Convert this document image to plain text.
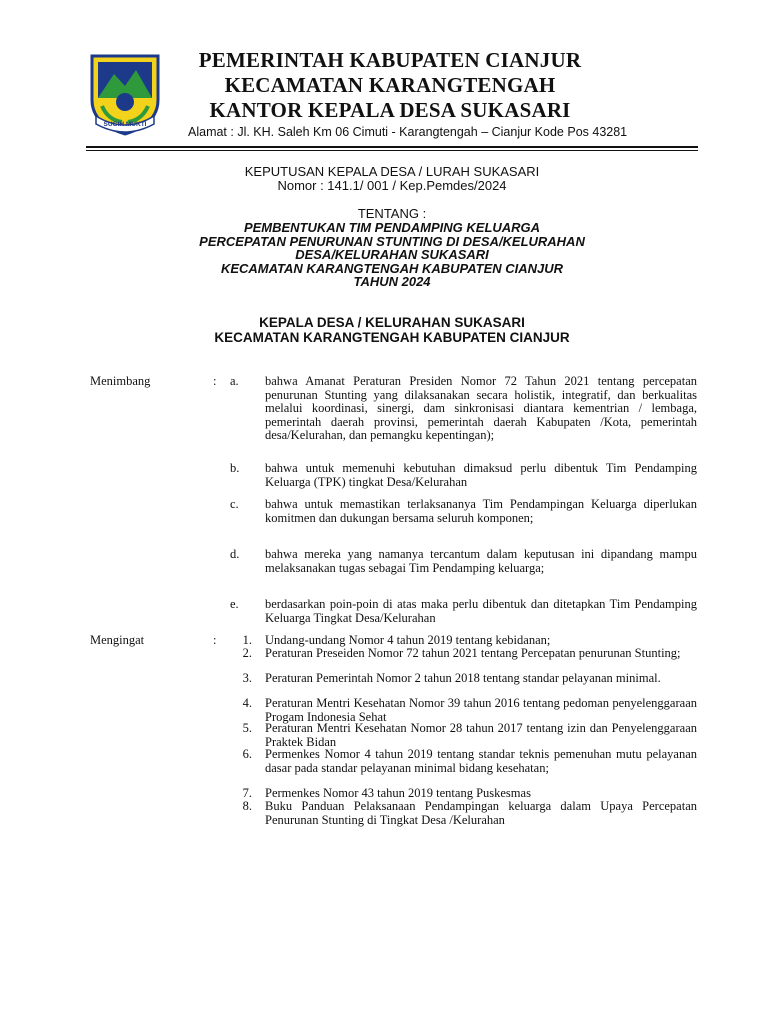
SUGIH MUKTI
PEMERINTAH KABUPATEN CIANJUR
KECAMATAN KARANGTENGAH
KANTOR KEPALA DESA SUKASARI
Alamat : Jl. KH. Saleh Km 06 Cimuti - Karangtengah – Cianjur Kode Pos 43281
KEPUTUSAN KEPALA DESA / LURAH SUKASARI
Nomor : 141.1/ 001 / Kep.Pemdes/2024
TENTANG :
PEMBENTUKAN TIM PENDAMPING KELUARGA
PERCEPATAN PENURUNAN STUNTING DI DESA/KELURAHAN
DESA/KELURAHAN SUKASARI
KECAMATAN KARANGTENGAH KABUPATEN CIANJUR
TAHUN 2024
KEPALA DESA / KELURAHAN SUKASARI
KECAMATAN KARANGTENGAH KABUPATEN CIANJUR
Menimbang	: a. bahwa Amanat Peraturan Presiden Nomor 72 Tahun 2021 tentang percepatan penurunan Stunting yang dilaksanakan secara holistik, integratif, dan berkualitas melalui koordinasi, sinergi, dam sinkronisasi diantara kementrian / lembaga, pemerintah daerah provinsi, pemerintah daerah Kabupaten /Kota, pemerintah desa/Kelurahan, dan pemangku kepentingan);
b. bahwa untuk memenuhi kebutuhan dimaksud perlu dibentuk Tim Pendamping Keluarga (TPK) tingkat Desa/Kelurahan
c. bahwa untuk memastikan terlaksananya Tim Pendampingan Keluarga diperlukan komitmen dan dukungan bersama seluruh komponen;
d. bahwa mereka yang namanya tercantum dalam keputusan ini dipandang mampu melaksanakan tugas sebagai Tim Pendamping keluarga;
e. berdasarkan poin-poin di atas maka perlu dibentuk dan ditetapkan Tim Pendamping Keluarga Tingkat Desa/Kelurahan
Mengingat	:	1. Undang-undang Nomor 4 tahun 2019 tentang kebidanan;
2. Peraturan Preseiden Nomor 72 tahun 2021 tentang Percepatan penurunan Stunting;
3. Peraturan Pemerintah Nomor 2 tahun 2018 tentang standar pelayanan minimal.
4. Peraturan Mentri Kesehatan Nomor 39 tahun 2016 tentang pedoman penyelenggaraan Progam Indonesia Sehat
5. Peraturan Mentri Kesehatan Nomor 28 tahun 2017 tentang izin dan Penyelenggaraan Praktek Bidan
6. Permenkes Nomor 4 tahun 2019 tentang standar teknis pemenuhan mutu pelayanan dasar pada standar pelayanan minimal bidang kesehatan;
7. Permenkes Nomor 43 tahun 2019 tentang Puskesmas
8. Buku Panduan Pelaksanaan Pendampingan keluarga dalam Upaya Percepatan Penurunan Stunting di Tingkat Desa /Kelurahan
